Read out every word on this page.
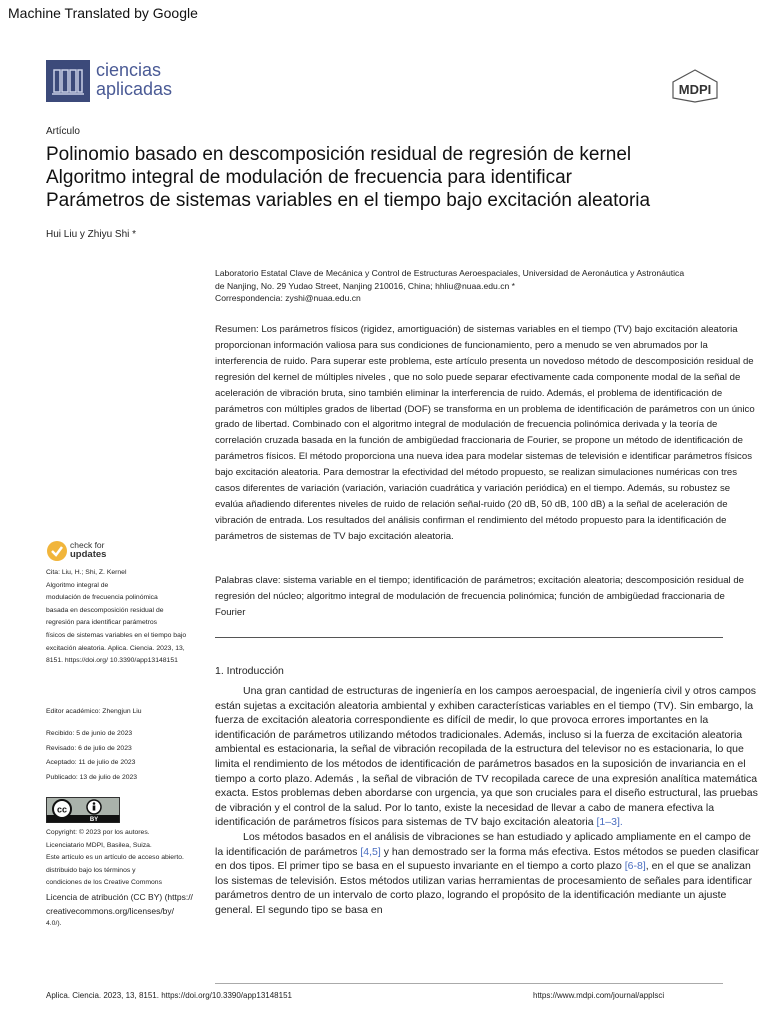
Machine Translated by Google
ciencias
aplicadas	MDPI
Artículo
Polinomio basado en descomposición residual de regresión de kernel
Algoritmo integral de modulación de frecuencia para identificar
Parámetros de sistemas variables en el tiempo bajo excitación aleatoria
Hui Liu y Zhiyu Shi *
Laboratorio Estatal Clave de Mecánica y Control de Estructuras Aeroespaciales, Universidad de Aeronáutica y Astronáutica
de Nanjing, No. 29 Yudao Street, Nanjing 210016, China; hhliu@nuaa.edu.cn *
Correspondencia: zyshi@nuaa.edu.cn
Resumen: Los parámetros físicos (rigidez, amortiguación) de sistemas variables en el tiempo (TV) bajo excitación aleatoria proporcionan información valiosa para sus condiciones de funcionamiento, pero a menudo se ven abrumados por la interferencia de ruido. Para superar este problema, este artículo presenta un novedoso método de descomposición residual de regresión del kernel de múltiples niveles , que no solo puede separar efectivamente cada componente modal de la señal de aceleración de vibración bruta, sino también eliminar la interferencia de ruido. Además, el problema de identificación de parámetros con múltiples grados de libertad (DOF) se transforma en un problema de identificación de parámetros con un único grado de libertad. Combinado con el algoritmo integral de modulación de frecuencia polinómica derivada y la teoría de correlación cruzada basada en la función de ambigüedad fraccionaria de Fourier, se propone un método de identificación de parámetros físicos. El método proporciona una nueva idea para modelar sistemas de televisión e identificar parámetros físicos bajo excitación aleatoria. Para demostrar la efectividad del método propuesto, se realizan simulaciones numéricas con tres casos diferentes de variación (variación, variación cuadrática y variación periódica) en el tiempo. Además, su robustez se evalúa añadiendo diferentes niveles de ruido de relación señal-ruido (20 dB, 50 dB, 100 dB) a la señal de aceleración de vibración de entrada. Los resultados del análisis confirman el rendimiento del método propuesto para la identificación de parámetros de sistemas de TV bajo excitación aleatoria.
Palabras clave: sistema variable en el tiempo; identificación de parámetros; excitación aleatoria; descomposición residual de regresión del núcleo; algoritmo integral de modulación de frecuencia polinómica; función de ambigüedad fraccionaria de Fourier
1. Introducción

Una gran cantidad de estructuras de ingeniería en los campos aeroespacial, de ingeniería civil y otros campos están sujetas a excitación aleatoria ambiental y exhiben características variables en el tiempo (TV). Sin embargo, la fuerza de excitación aleatoria correspondiente es difícil de medir, lo que provoca errores importantes en la identificación de parámetros utilizando métodos tradicionales. Además, incluso si la fuerza de excitación aleatoria ambiental es estacionaria, la señal de vibración recopilada de la estructura del televisor no es estacionaria, lo que limita el rendimiento de los métodos de identificación de parámetros basados en la suposición de invariancia en el tiempo a corto plazo. Además , la señal de vibración de TV recopilada carece de una expresión analítica matemática exacta. Estos problemas deben abordarse con urgencia, ya que son cruciales para el diseño estructural, las pruebas de vibración y el control de la salud. Por lo tanto, existe la necesidad de llevar a cabo de manera efectiva la identificación de parámetros físicos para sistemas de TV bajo excitación aleatoria [1–3].

Los métodos basados en el análisis de vibraciones se han estudiado y aplicado ampliamente en el campo de la identificación de parámetros [4,5] y han demostrado ser la forma más efectiva. Estos métodos se pueden clasificar en dos tipos. El primer tipo se basa en el supuesto invariante en el tiempo a corto plazo [6-8], en el que se analizan los sistemas de televisión. Estos métodos utilizan varias herramientas de procesamiento de señales para identificar parámetros dentro de un intervalo de corto plazo, logrando el propósito de la identificación mediante un ajuste general. El segundo tipo se basa en

check for
updates
Cita: Liu, H.; Shi, Z. Kernel
Algoritmo integral de
modulación de frecuencia polinómica
basada en descomposición residual de
regresión para identificar parámetros
físicos de sistemas variables en el tiempo bajo
excitación aleatoria. Aplica. Ciencia. 2023, 13,
8151. https://doi.org/ 10.3390/app13148151
Editor académico: Zhengjun Liu
Recibido: 5 de junio de 2023
Revisado: 6 de julio de 2023
Aceptado: 11 de julio de 2023
Publicado: 13 de julio de 2023
cc
BY
Copyright: © 2023 por los autores.
Licenciatario MDPI, Basilea, Suiza.
Este artículo es un artículo de acceso abierto.
distribuido bajo los términos y
condiciones de los Creative Commons
Licencia de atribución (CC BY) (https://
creativecommons.org/licenses/by/
4.0/).
Aplica. Ciencia. 2023, 13, 8151. https://doi.org/10.3390/app13148151	https://www.mdpi.com/journal/applsci
